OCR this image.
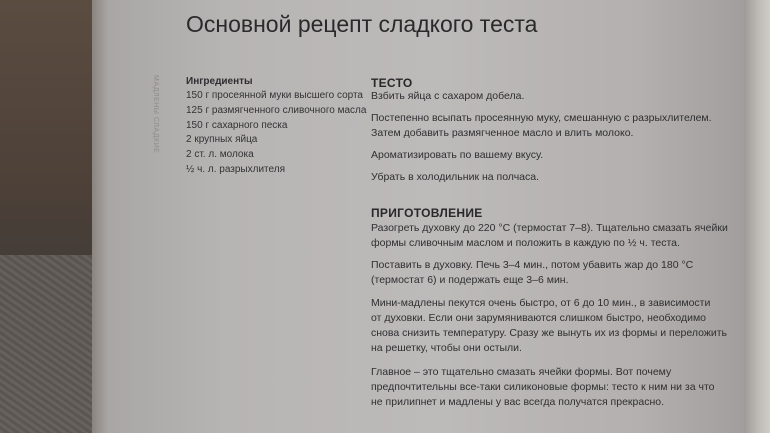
МАДЛЕНЫ СЛАДКИЕ
Основной рецепт сладкого теста
Ингредиенты
150 г просеянной муки высшего сорта
125 г размягченного сливочного масла
150 г сахарного песка
2 крупных яйца
2 ст. л. молока
½ ч. л. разрыхлителя
ТЕСТО
Взбить яйца с сахаром добела.
Постепенно всыпать просеянную муку, смешанную с разрыхлителем.
Затем добавить размягченное масло и влить молоко.
Ароматизировать по вашему вкусу.
Убрать в холодильник на полчаса.
ПРИГОТОВЛЕНИЕ
Разогреть духовку до 220 °С (термостат 7–8). Тщательно смазать ячейки
формы сливочным маслом и положить в каждую по ½ ч. теста.
Поставить в духовку. Печь 3–4 мин., потом убавить жар до 180 °С
(термостат 6) и подержать еще 3–6 мин.
Мини-мадлены пекутся очень быстро, от 6 до 10 мин., в зависимости
от духовки. Если они зарумяниваются слишком быстро, необходимо
снова снизить температуру. Сразу же вынуть их из формы и переложить
на решетку, чтобы они остыли.
Главное – это тщательно смазать ячейки формы. Вот почему
предпочтительны все-таки силиконовые формы: тесто к ним ни за что
не прилипнет и мадлены у вас всегда получатся прекрасно.
